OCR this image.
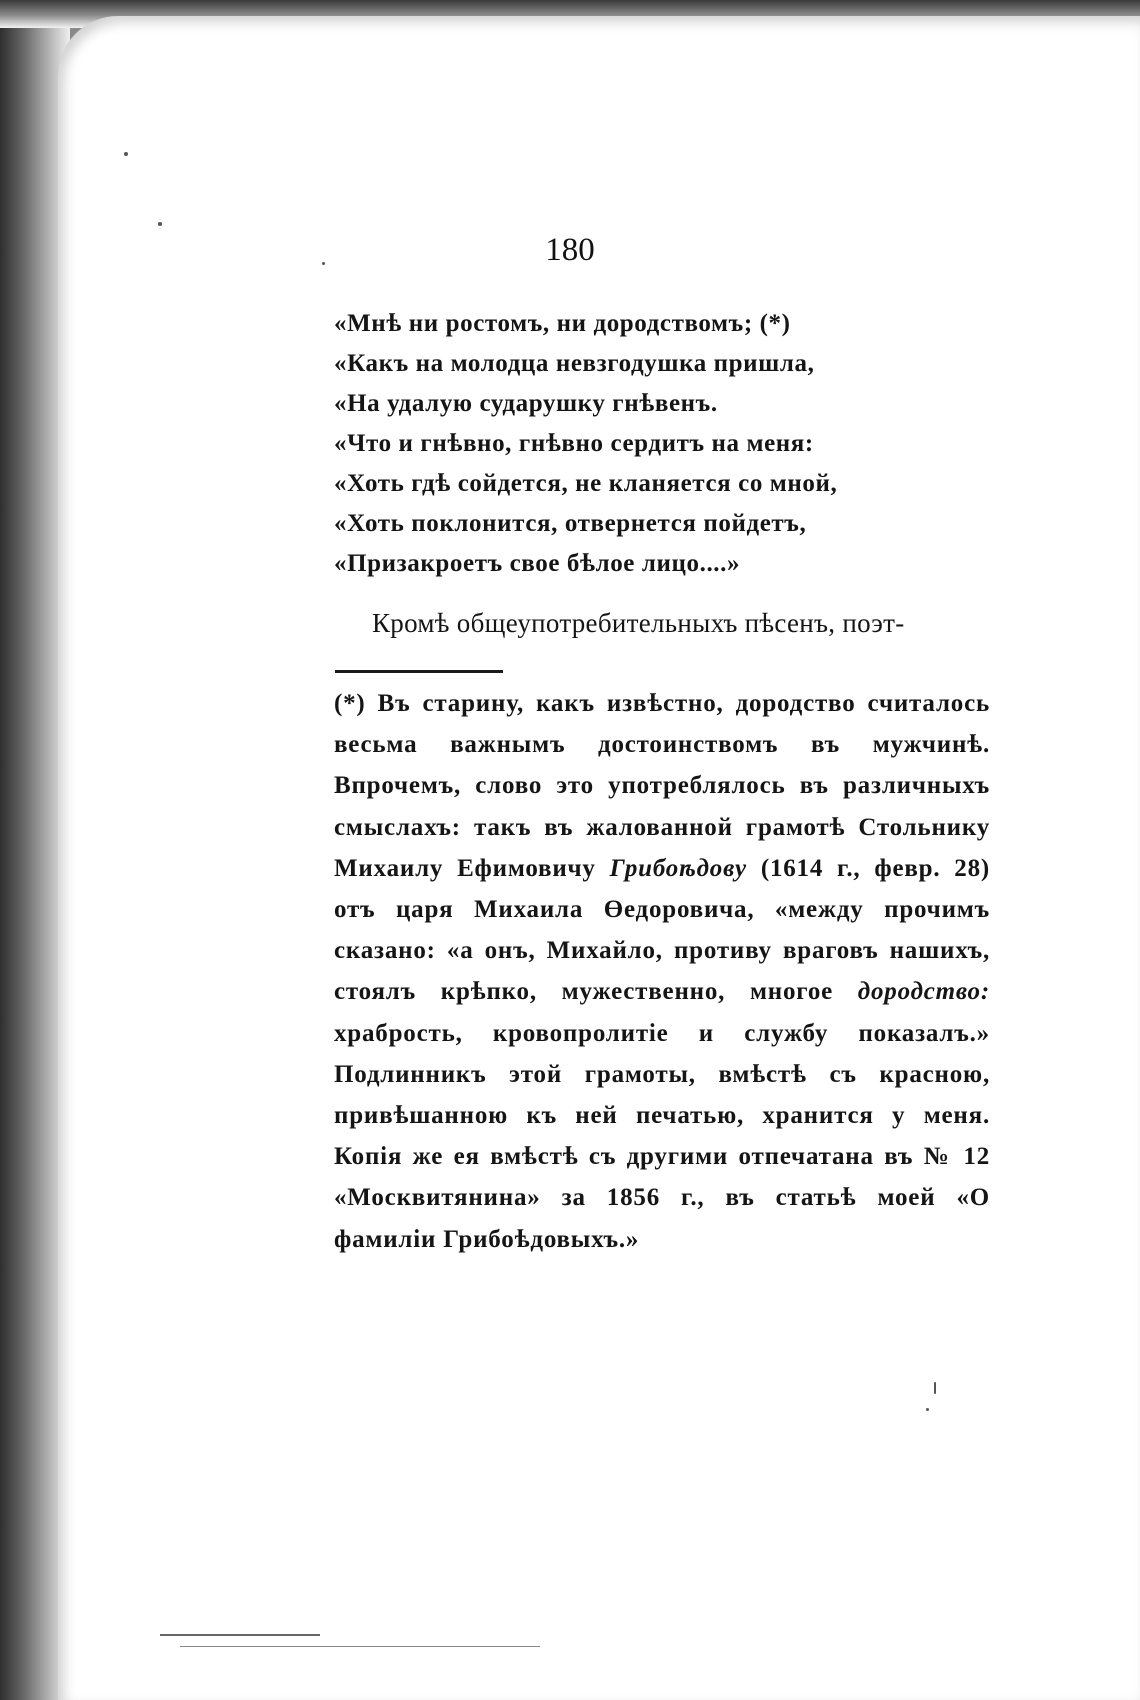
180
«Мнѣ ни ростомъ, ни дородствомъ; (*)
«Какъ на молодца невзгодушка пришла,
«На удалую сударушку гнѣвенъ.
«Что и гнѣвно, гнѣвно сердитъ на меня:
«Хоть гдѣ сойдется, не кланяется со мной,
«Хоть поклонится, отвернется пойдетъ,
«Призакроетъ свое бѣлое лицо....»
Кромѣ общеупотребительныхъ пѣсенъ, поэт-
(*) Въ старину, какъ извѣстно, дородство считалось весьма важнымъ достоинствомъ въ мужчинѣ. Впрочемъ, слово это употреблялось въ различныхъ смыслахъ: такъ въ жалованной грамотѣ Стольнику Михаилу Ефимовичу Грибоѣдову (1614 г., февр. 28) отъ царя Михаила Өедоровича, «между прочимъ сказано: «а онъ, Михайло, противу враговъ нашихъ, стоялъ крѣпко, мужественно, многое дородство: храбрость, кровопролитіе и службу показалъ.» Подлинникъ этой грамоты, вмѣстѣ съ красною, привѣшанною къ ней печатью, хранится у меня. Копія же ея вмѣстѣ съ другими отпечатана въ № 12 «Москвитянина» за 1856 г., въ статьѣ моей «О фамиліи Грибоѣдовыхъ.»
